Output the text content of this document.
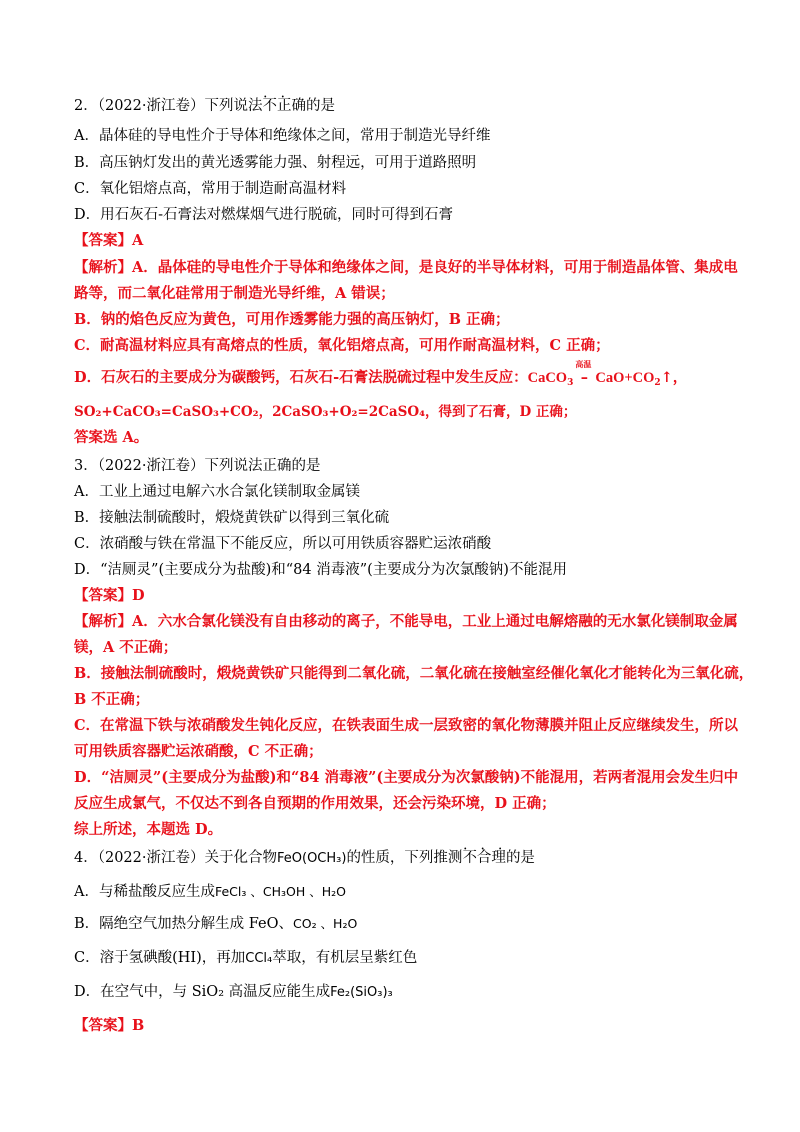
2．（2022·浙江卷）下列说法• • 不正确的是
A．晶体硅的导电性介于导体和绝缘体之间，常用于制造光导纤维
B．高压钠灯发出的黄光透雾能力强、射程远，可用于道路照明
C．氧化铝熔点高，常用于制造耐高温材料
D．用石灰石-石膏法对燃煤烟气进行脱硫，同时可得到石膏
【答案】A
【解析】A．晶体硅的导电性介于导体和绝缘体之间，是良好的半导体材料，可用于制造晶体管、集成电
路等，而二氧化硅常用于制造光导纤维，A 错误；
B．钠的焰色反应为黄色，可用作透雾能力强的高压钠灯，B 正确；
C．耐高温材料应具有高熔点的性质，氧化铝熔点高，可用作耐高温材料，C 正确；
D．石灰石的主要成分为碳酸钙，石灰石-石膏法脱硫过程中发生反应：CaCO$_3$
高温
– $CaO+CO_2↑$，
SO₂+CaCO₃=CaSO₃+CO₂，2CaSO₃+O₂=2CaSO₄，得到了石膏，D 正确；
答案选 A。
3．（2022·浙江卷）下列说法正确的是
A．工业上通过电解六水合氯化镁制取金属镁
B．接触法制硫酸时，煅烧黄铁矿以得到三氧化硫
C．浓硝酸与铁在常温下不能反应，所以可用铁质容器贮运浓硝酸
D．“洁厕灵”(主要成分为盐酸)和“84 消毒液”(主要成分为次氯酸钠)不能混用
【答案】D
【解析】A．六水合氯化镁没有自由移动的离子，不能导电，工业上通过电解熔融的无水氯化镁制取金属
镁，A 不正确；
B．接触法制硫酸时，煅烧黄铁矿只能得到二氧化硫，二氧化硫在接触室经催化氧化才能转化为三氧化硫，
B 不正确；
C．在常温下铁与浓硝酸发生钝化反应，在铁表面生成一层致密的氧化物薄膜并阻止反应继续发生，所以
可用铁质容器贮运浓硝酸，C 不正确；
D．“洁厕灵”(主要成分为盐酸)和“84 消毒液”(主要成分为次氯酸钠)不能混用，若两者混用会发生归中
反应生成氯气，不仅达不到各自预期的作用效果，还会污染环境，D 正确；
综上所述，本题选 D。
4．（2022·浙江卷）关于化合物FeO(OCH₃)的性质，下列推测• • • 不合理的是
A．与稀盐酸反应生成FeCl₃ 、CH₃OH 、H₂O
B．隔绝空气加热分解生成 FeO、CO₂ 、H₂O
C．溶于氢碘酸(HI)，再加CCl₄萃取，有机层呈紫红色
D．在空气中，与 SiO₂ 高温反应能生成Fe₂(SiO₃)₃
【答案】B
